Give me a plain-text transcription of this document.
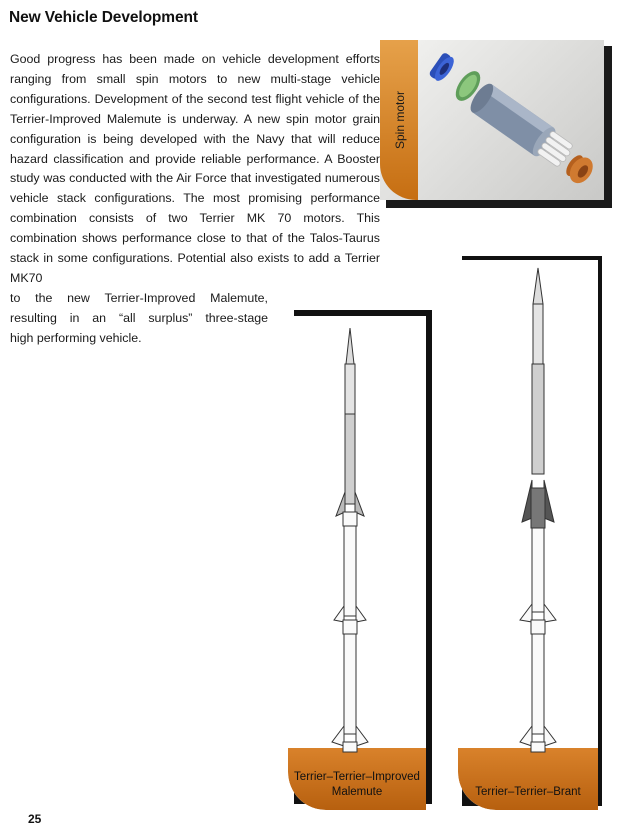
New Vehicle Development

Good progress has been made on vehicle development efforts ranging from small spin motors to new multi-stage vehicle configurations. Development of the second test flight vehicle of the Terrier-Improved Malemute is underway. A new spin motor grain configuration is being developed with the Navy that will reduce hazard classification and provide reliable performance. A Booster study was conducted with the Air Force that investigated numerous vehicle stack configurations. The most promising performance combination consists of two Terrier MK 70 motors. This combination shows performance close to that of the Talos-Taurus stack in some configurations. Potential also exists to add a Terrier MK70

to the new Terrier-Improved Malemute,
resulting in an “all surplus” three-stage
high performing vehicle.
Spin motor
Terrier–Terrier–Improved
Malemute	Terrier–Terrier–Brant
25
